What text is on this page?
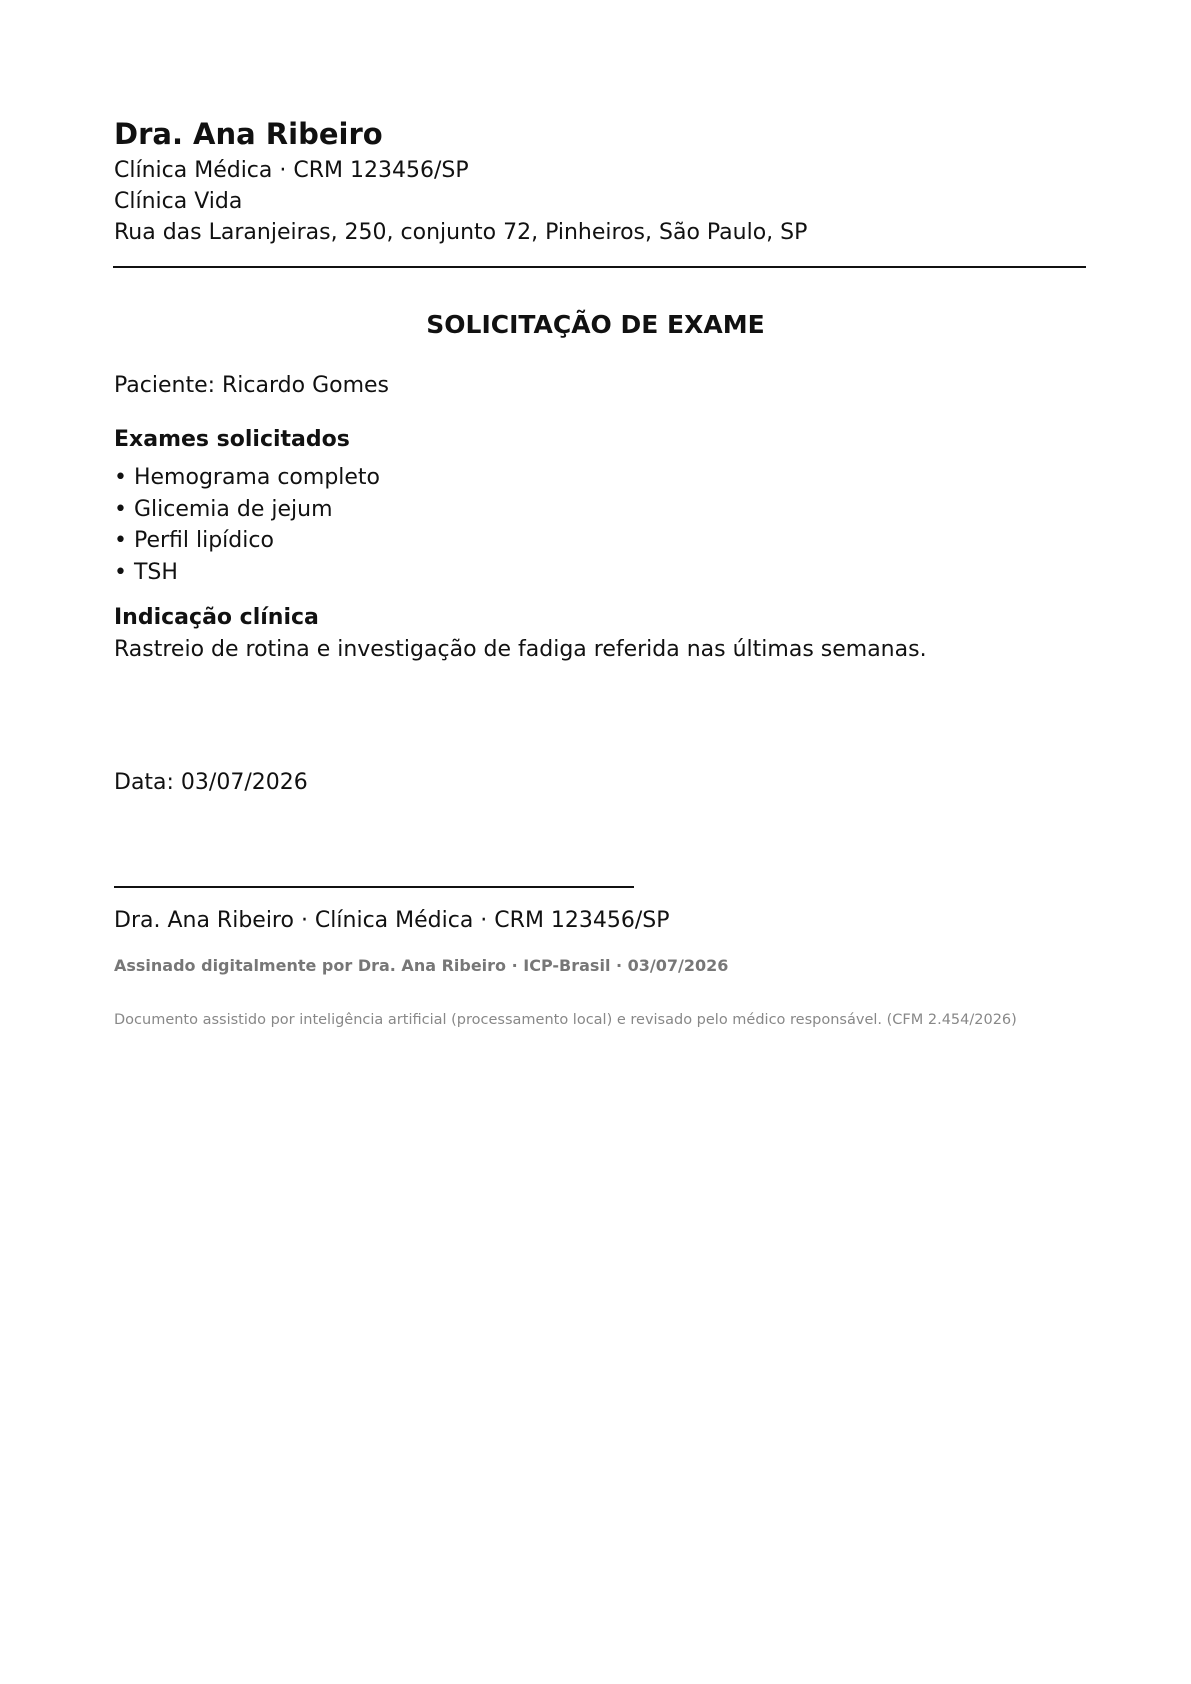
Dra. Ana Ribeiro
Clínica Médica · CRM 123456/SP
Clínica Vida
Rua das Laranjeiras, 250, conjunto 72, Pinheiros, São Paulo, SP
SOLICITAÇÃO DE EXAME
Paciente: Ricardo Gomes
Exames solicitados
• Hemograma completo
• Glicemia de jejum
• Perfil lipídico
• TSH
Indicação clínica
Rastreio de rotina e investigação de fadiga referida nas últimas semanas.
Data: 03/07/2026
Dra. Ana Ribeiro · Clínica Médica · CRM 123456/SP
Assinado digitalmente por Dra. Ana Ribeiro · ICP-Brasil · 03/07/2026
Documento assistido por inteligência artificial (processamento local) e revisado pelo médico responsável. (CFM 2.454/2026)
